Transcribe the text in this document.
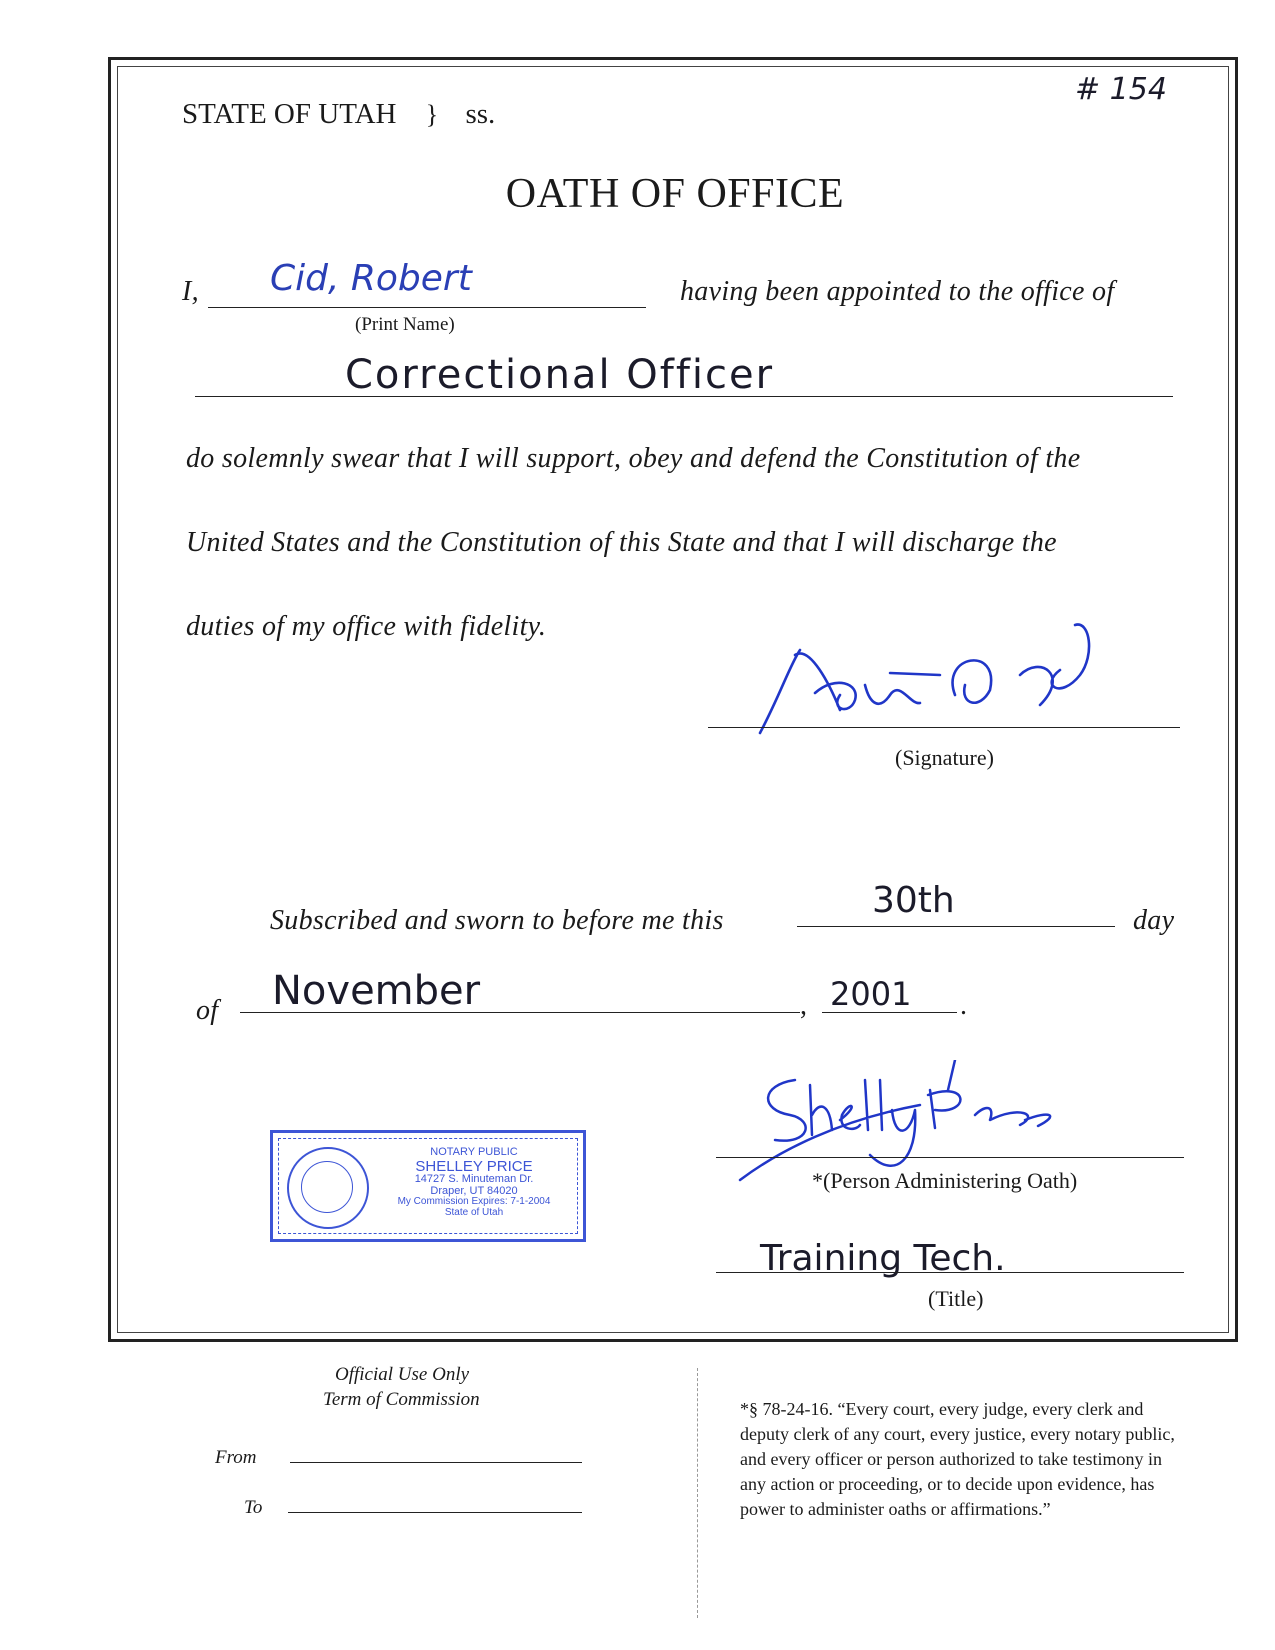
# 154
STATE OF UTAH } ss.
OATH OF OFFICE
I, Cid, Robert
(Print Name)
having been appointed to the office of
Correctional Officer
do solemnly swear that I will support, obey and defend the Constitution of the
United States and the Constitution of this State and that I will discharge the
duties of my office with fidelity.
(Signature)
Subscribed and sworn to before me this	30th	day
of November	, 2001 .
NOTARY PUBLIC
SHELLEY PRICE
14727 S. Minuteman Dr.
Draper, UT 84020
My Commission Expires: 7-1-2004
State of Utah
*(Person Administering Oath)
Training Tech.
(Title)
Official Use Only
Term of Commission
From
To
*§ 78-24-16. “Every court, every judge, every clerk and
deputy clerk of any court, every justice, every notary public,
and every officer or person authorized to take testimony in
any action or proceeding, or to decide upon evidence, has
power to administer oaths or affirmations.”
